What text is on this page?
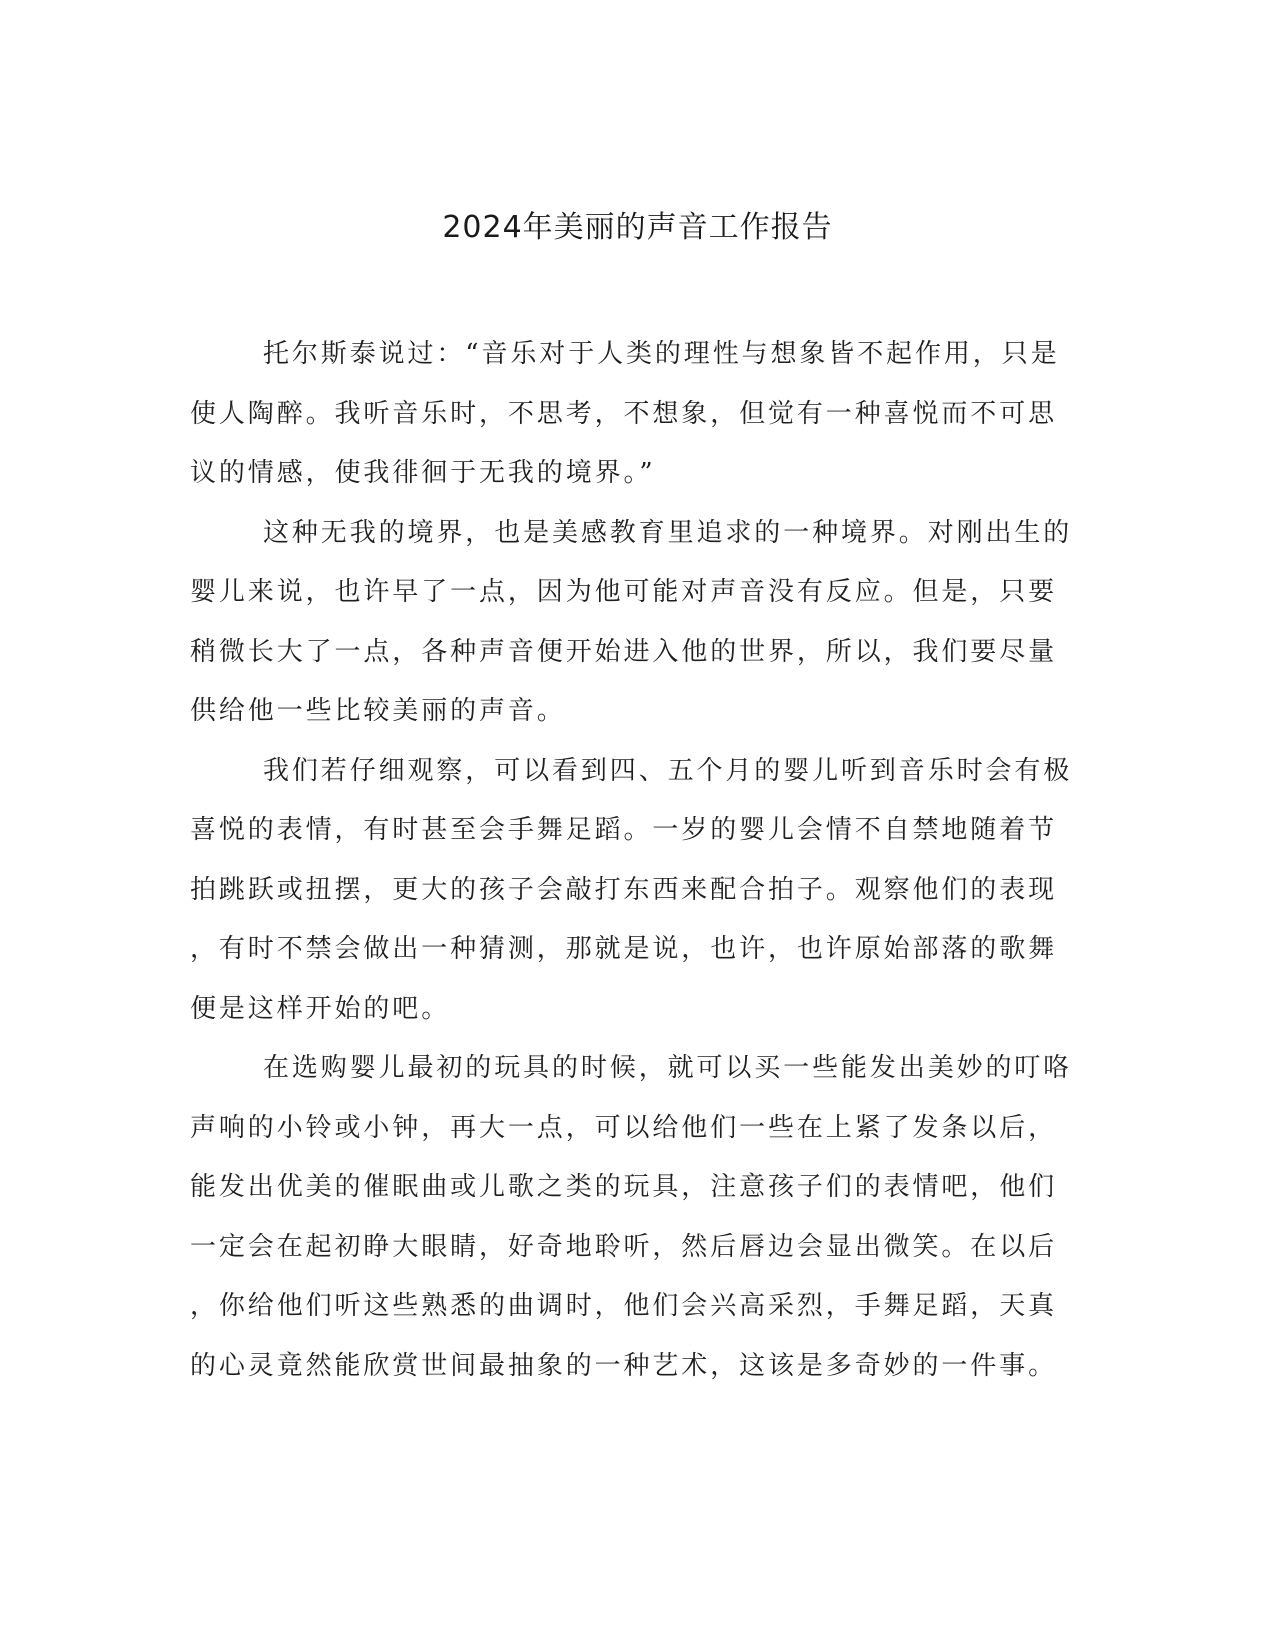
2024年美丽的声音工作报告
托尔斯泰说过：“音乐对于人类的理性与想象皆不起作用，只是
使人陶醉。我听音乐时，不思考，不想象，但觉有一种喜悦而不可思
议的情感，使我徘徊于无我的境界。”
这种无我的境界，也是美感教育里追求的一种境界。对刚出生的
婴儿来说，也许早了一点，因为他可能对声音没有反应。但是，只要
稍微长大了一点，各种声音便开始进入他的世界，所以，我们要尽量
供给他一些比较美丽的声音。
我们若仔细观察，可以看到四、五个月的婴儿听到音乐时会有极
喜悦的表情，有时甚至会手舞足蹈。一岁的婴儿会情不自禁地随着节
拍跳跃或扭摆，更大的孩子会敲打东西来配合拍子。观察他们的表现
，有时不禁会做出一种猜测，那就是说，也许，也许原始部落的歌舞
便是这样开始的吧。
在选购婴儿最初的玩具的时候，就可以买一些能发出美妙的叮咯
声响的小铃或小钟，再大一点，可以给他们一些在上紧了发条以后，
能发出优美的催眠曲或儿歌之类的玩具，注意孩子们的表情吧，他们
一定会在起初睁大眼睛，好奇地聆听，然后唇边会显出微笑。在以后
，你给他们听这些熟悉的曲调时，他们会兴高采烈，手舞足蹈，天真
的心灵竟然能欣赏世间最抽象的一种艺术，这该是多奇妙的一件事。
